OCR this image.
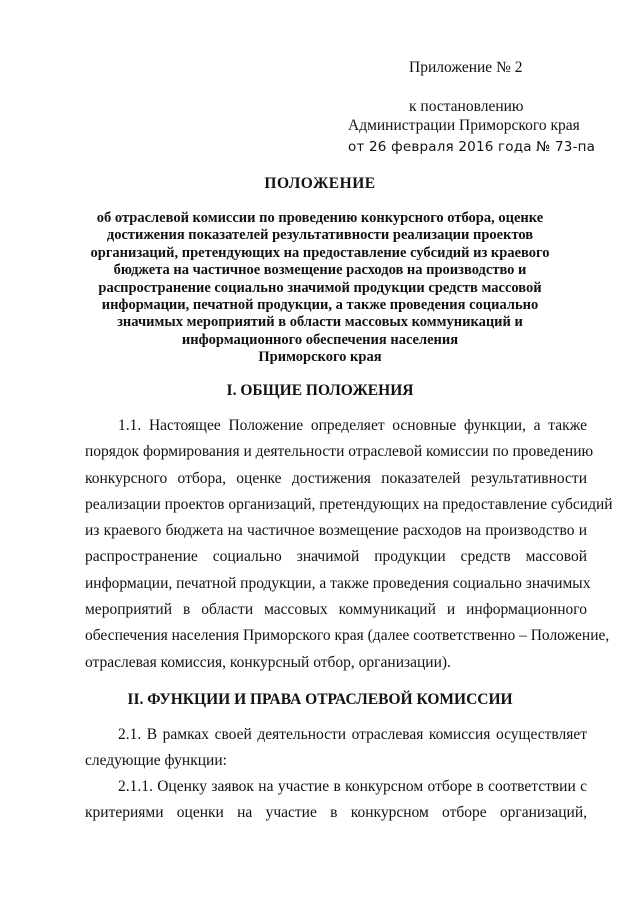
Приложение № 2
к постановлению
Администрации Приморского края
от 26 февраля 2016 года № 73-па
ПОЛОЖЕНИЕ
об отраслевой комиссии по проведению конкурсного отбора, оценке
достижения показателей результативности реализации проектов
организаций, претендующих на предоставление субсидий из краевого
бюджета на частичное возмещение расходов на производство и
распространение социально значимой продукции средств массовой
информации, печатной продукции, а также проведения социально
значимых мероприятий в области массовых коммуникаций и
информационного обеспечения населения
Приморского края
I. ОБЩИЕ ПОЛОЖЕНИЯ
1.1. Настоящее Положение определяет основные функции, а также
порядок формирования и деятельности отраслевой комиссии по проведению
конкурсного отбора, оценке достижения показателей результативности
реализации проектов организаций, претендующих на предоставление субсидий
из краевого бюджета на частичное возмещение расходов на производство и
распространение социально значимой продукции средств массовой
информации, печатной продукции, а также проведения социально значимых
мероприятий в области массовых коммуникаций и информационного
обеспечения населения Приморского края (далее соответственно – Положение,
отраслевая комиссия, конкурсный отбор, организации).
II. ФУНКЦИИ И ПРАВА ОТРАСЛЕВОЙ КОМИССИИ
2.1. В рамках своей деятельности отраслевая комиссия осуществляет
следующие функции:
2.1.1. Оценку заявок на участие в конкурсном отборе в соответствии с
критериями оценки на участие в конкурсном отборе организаций,
